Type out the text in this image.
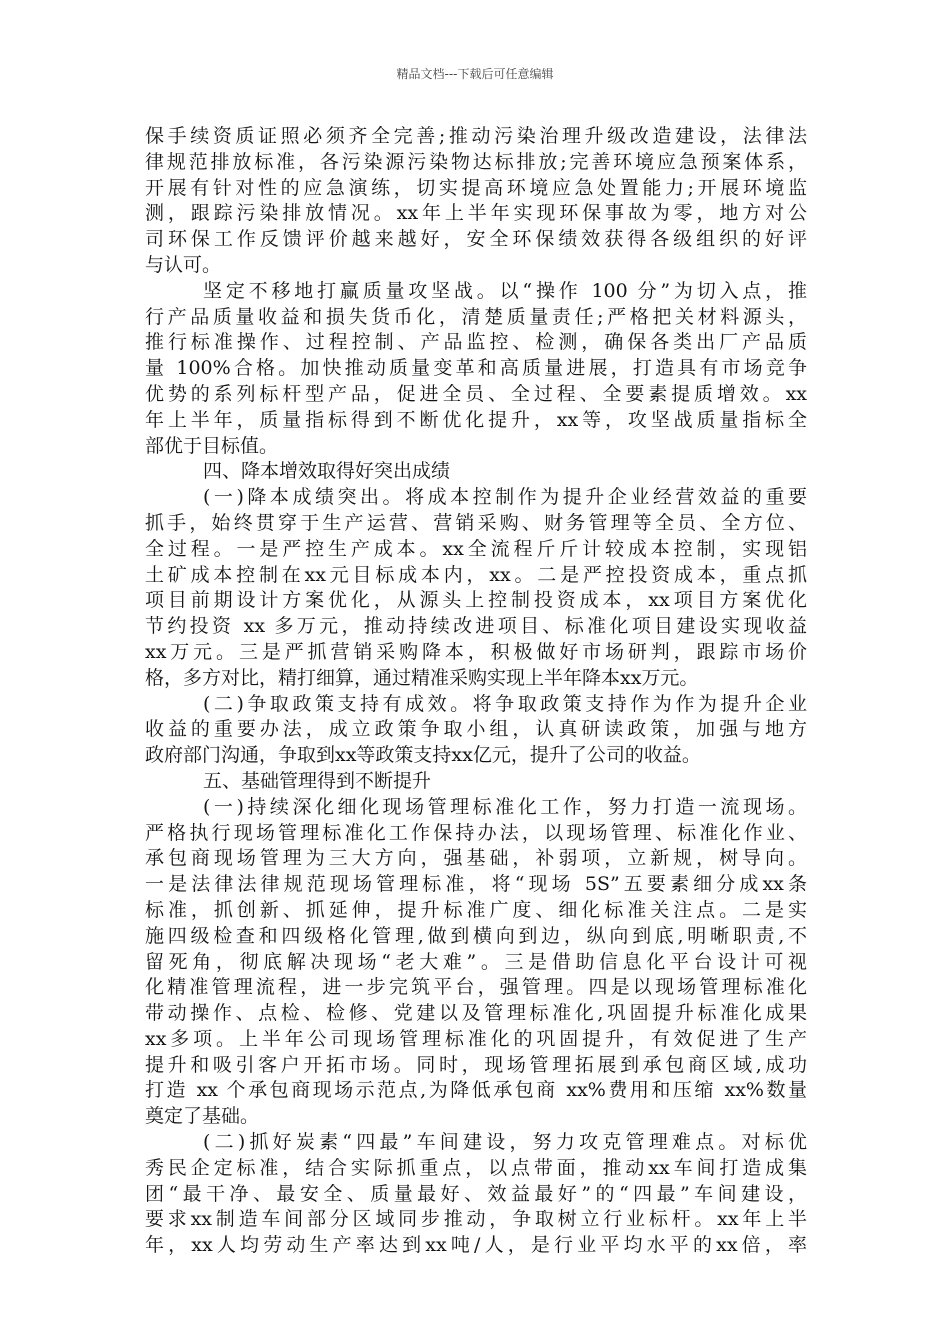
精品文档---下载后可任意编辑
保手续资质证照必须齐全完善;推动污染治理升级改造建设，法律法
律规范排放标准，各污染源污染物达标排放;完善环境应急预案体系，
开展有针对性的应急演练，切实提高环境应急处置能力;开展环境监
测，跟踪污染排放情况。xx年上半年实现环保事故为零，地方对公
司环保工作反馈评价越来越好，安全环保绩效获得各级组织的好评
与认可。
坚定不移地打赢质量攻坚战。以“操作 100 分”为切入点，推
行产品质量收益和损失货币化，清楚质量责任;严格把关材料源头，
推行标准操作、过程控制、产品监控、检测，确保各类出厂产品质
量 100%合格。加快推动质量变革和高质量进展，打造具有市场竞争
优势的系列标杆型产品，促进全员、全过程、全要素提质增效。xx
年上半年，质量指标得到不断优化提升，xx等，攻坚战质量指标全
部优于目标值。
四、降本增效取得好突出成绩
(一)降本成绩突出。将成本控制作为提升企业经营效益的重要
抓手，始终贯穿于生产运营、营销采购、财务管理等全员、全方位、
全过程。一是严控生产成本。xx全流程斤斤计较成本控制，实现铝
土矿成本控制在xx元目标成本内，xx。二是严控投资成本，重点抓
项目前期设计方案优化，从源头上控制投资成本，xx项目方案优化
节约投资 xx 多万元，推动持续改进项目、标准化项目建设实现收益
xx万元。三是严抓营销采购降本，积极做好市场研判，跟踪市场价
格，多方对比，精打细算，通过精准采购实现上半年降本xx万元。
(二)争取政策支持有成效。将争取政策支持作为作为提升企业
收益的重要办法，成立政策争取小组，认真研读政策，加强与地方
政府部门沟通，争取到xx等政策支持xx亿元，提升了公司的收益。
五、基础管理得到不断提升
(一)持续深化细化现场管理标准化工作，努力打造一流现场。
严格执行现场管理标准化工作保持办法，以现场管理、标准化作业、
承包商现场管理为三大方向，强基础，补弱项，立新规，树导向。
一是法律法律规范现场管理标准，将“现场 5S”五要素细分成xx条
标准，抓创新、抓延伸，提升标准广度、细化标准关注点。二是实
施四级检查和四级格化管理,做到横向到边，纵向到底,明晰职责,不
留死角，彻底解决现场“老大难”。三是借助信息化平台设计可视
化精准管理流程，进一步完筑平台，强管理。四是以现场管理标准化
带动操作、点检、检修、党建以及管理标准化,巩固提升标准化成果
xx多项。上半年公司现场管理标准化的巩固提升，有效促进了生产
提升和吸引客户开拓市场。同时，现场管理拓展到承包商区域,成功
打造 xx 个承包商现场示范点,为降低承包商 xx%费用和压缩 xx%数量
奠定了基础。
(二)抓好炭素“四最”车间建设，努力攻克管理难点。对标优
秀民企定标准，结合实际抓重点，以点带面，推动xx车间打造成集
团“最干净、最安全、质量最好、效益最好”的“四最”车间建设，
要求xx制造车间部分区域同步推动，争取树立行业标杆。xx年上半
年，xx人均劳动生产率达到xx吨/人，是行业平均水平的xx倍，率
